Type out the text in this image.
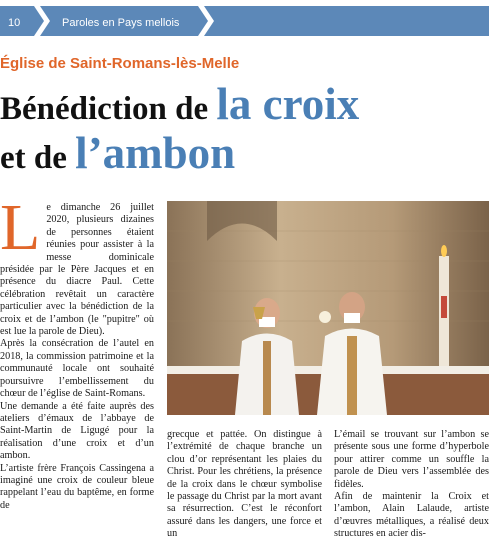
10	Paroles en Pays mellois
Église de Saint-Romans-lès-Melle
Bénédiction de la croix
et de l’ambon

Le dimanche 26 juillet 2020, plusieurs dizaines de personnes étaient réunies pour assister à la messe dominicale présidée par le Père Jacques et en présence du diacre Paul. Cette célébration revêtait un caractère particulier avec la bénédiction de la croix et de l’ambon (le "pupitre" où est lue la parole de Dieu).

Après la consécration de l’autel en 2018, la commission patrimoine et la communauté locale ont souhaité poursuivre l’embellissement du chœur de l’église de Saint-Romans.

Une demande a été faite auprès des ateliers d’émaux de l’abbaye de Saint-Martin de Ligugé pour la réalisation d’une croix et d’un ambon.

L’artiste frère François Cassingena a imaginé une croix de couleur bleue rappelant l’eau du baptême, en forme de

grecque et pattée. On distingue à l’extrémité de chaque branche un clou d’or représentant les plaies du Christ. Pour les chrétiens, la présence de la croix dans le chœur symbolise le passage du Christ par la mort avant sa résurrection. C’est le réconfort assuré dans les dangers, une force et un

L’émail se trouvant sur l’ambon se présente sous une forme d’hyperbole pour attirer comme un souffle la parole de Dieu vers l’assemblée des fidèles.

Afin de maintenir la Croix et l’ambon, Alain Lalaude, artiste d’œuvres métalliques, a réalisé deux structures en acier dis-
